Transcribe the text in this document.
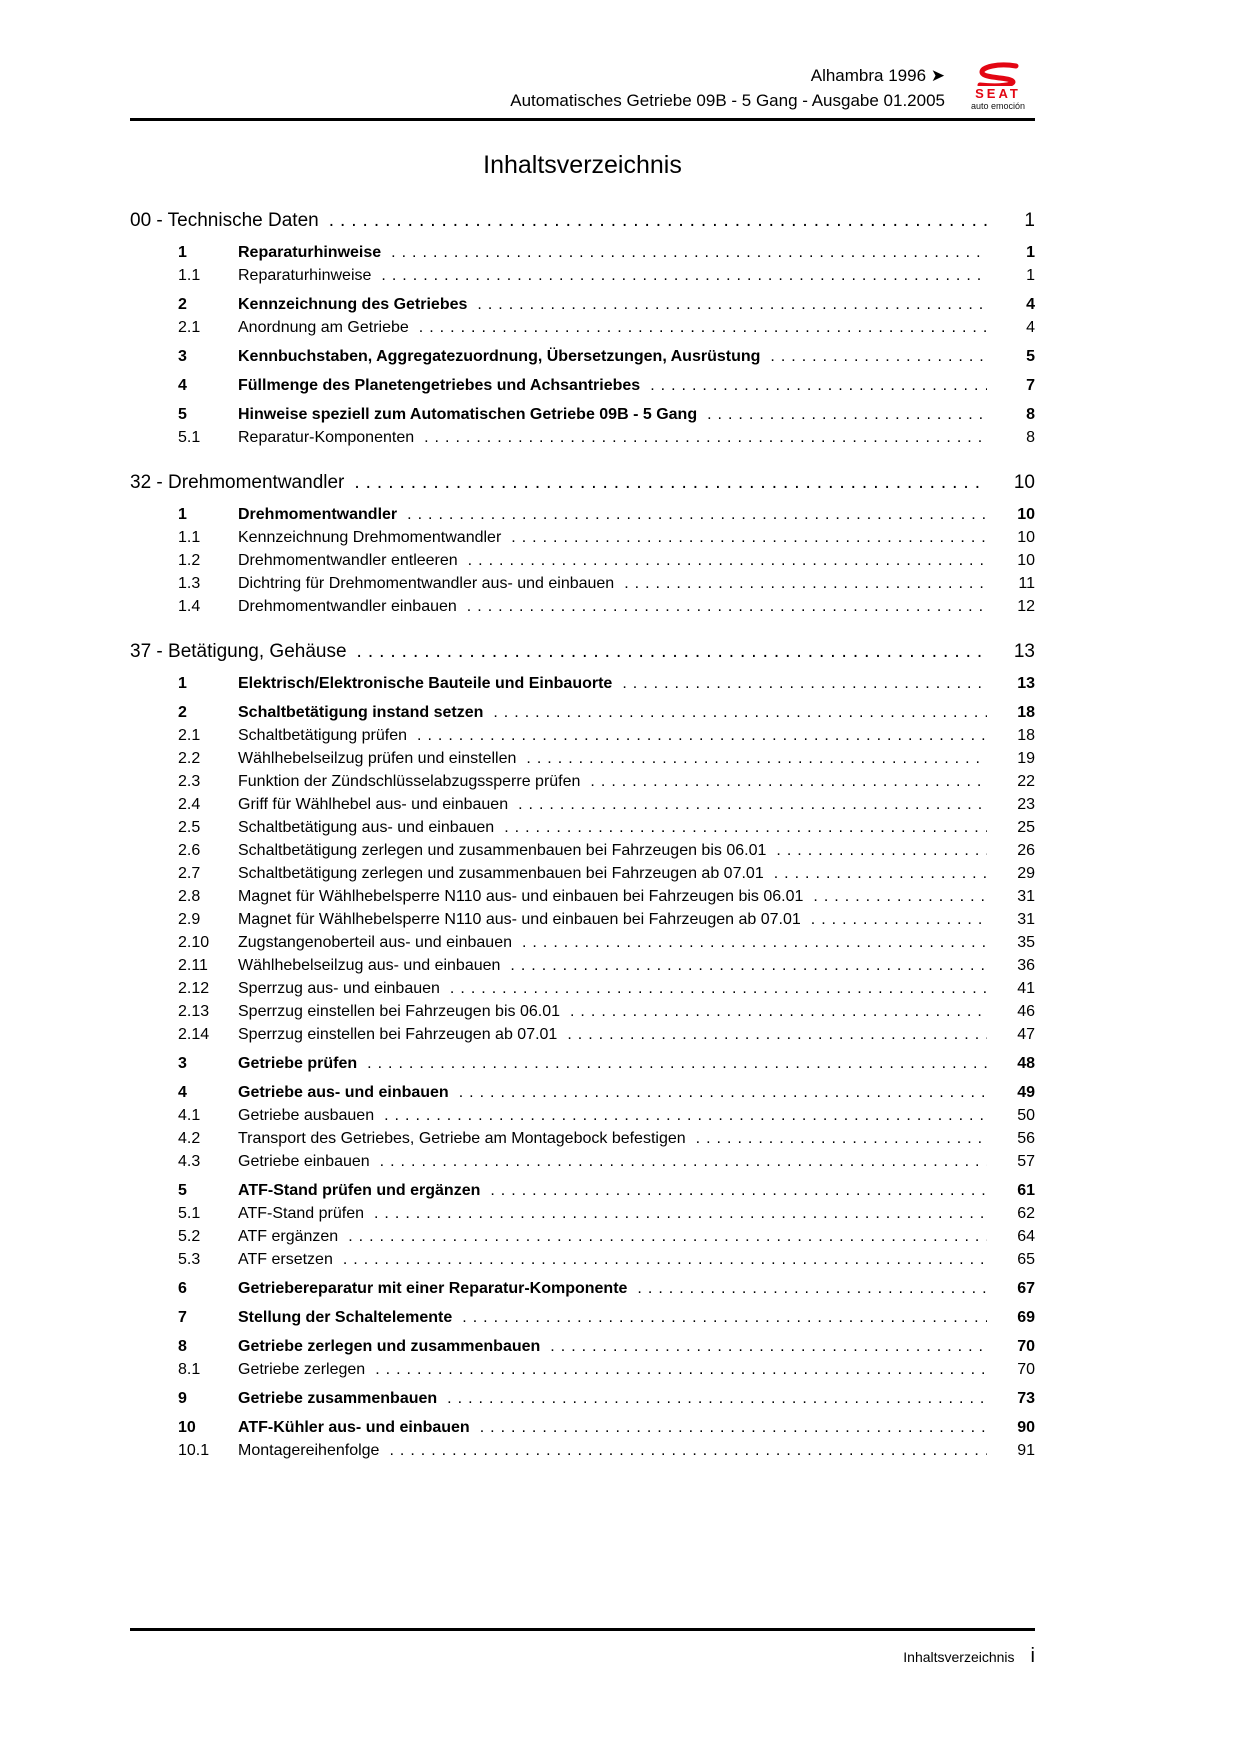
Alhambra 1996 ➤
Automatisches Getriebe 09B - 5 Gang - Ausgabe 01.2005	SEAT
auto emoción
Inhaltsverzeichnis
00 - Technische Daten .....	1
1	Reparaturhinweise .....	1
1.1	Reparaturhinweise .....	1
2	Kennzeichnung des Getriebes .....	4
2.1	Anordnung am Getriebe .....	4
3	Kennbuchstaben, Aggregatezuordnung, Übersetzungen, Ausrüstung .....	5
4	Füllmenge des Planetengetriebes und Achsantriebes .....	7
5	Hinweise speziell zum Automatischen Getriebe 09B - 5 Gang .....	8
5.1	Reparatur-Komponenten .....	8
32 - Drehmomentwandler .....	10
1	Drehmomentwandler .....	10
1.1	Kennzeichnung Drehmomentwandler .....	10
1.2	Drehmomentwandler entleeren .....	10
1.3	Dichtring für Drehmomentwandler aus- und einbauen .....	11
1.4	Drehmomentwandler einbauen .....	12
37 - Betätigung, Gehäuse .....	13
1	Elektrisch/Elektronische Bauteile und Einbauorte .....	13
2	Schaltbetätigung instand setzen .....	18
2.1	Schaltbetätigung prüfen .....	18
2.2	Wählhebelseilzug prüfen und einstellen .....	19
2.3	Funktion der Zündschlüsselabzugssperre prüfen .....	22
2.4	Griff für Wählhebel aus- und einbauen .....	23
2.5	Schaltbetätigung aus- und einbauen .....	25
2.6	Schaltbetätigung zerlegen und zusammenbauen bei Fahrzeugen bis 06.01 .....	26
2.7	Schaltbetätigung zerlegen und zusammenbauen bei Fahrzeugen ab 07.01 .....	29
2.8	Magnet für Wählhebelsperre N110 aus- und einbauen bei Fahrzeugen bis 06.01 .....	31
2.9	Magnet für Wählhebelsperre N110 aus- und einbauen bei Fahrzeugen ab 07.01 .....	31
2.10	Zugstangenoberteil aus- und einbauen .....	35
2.11	Wählhebelseilzug aus- und einbauen .....	36
2.12	Sperrzug aus- und einbauen .....	41
2.13	Sperrzug einstellen bei Fahrzeugen bis 06.01 .....	46
2.14	Sperrzug einstellen bei Fahrzeugen ab 07.01 .....	47
3	Getriebe prüfen .....	48
4	Getriebe aus- und einbauen .....	49
4.1	Getriebe ausbauen .....	50
4.2	Transport des Getriebes, Getriebe am Montagebock befestigen .....	56
4.3	Getriebe einbauen .....	57
5	ATF-Stand prüfen und ergänzen .....	61
5.1	ATF-Stand prüfen .....	62
5.2	ATF ergänzen .....	64
5.3	ATF ersetzen .....	65
6	Getriebereparatur mit einer Reparatur-Komponente .....	67
7	Stellung der Schaltelemente .....	69
8	Getriebe zerlegen und zusammenbauen .....	70
8.1	Getriebe zerlegen .....	70
9	Getriebe zusammenbauen .....	73
10	ATF-Kühler aus- und einbauen .....	90
10.1	Montagereihenfolge .....	91
Inhaltsverzeichnis i
